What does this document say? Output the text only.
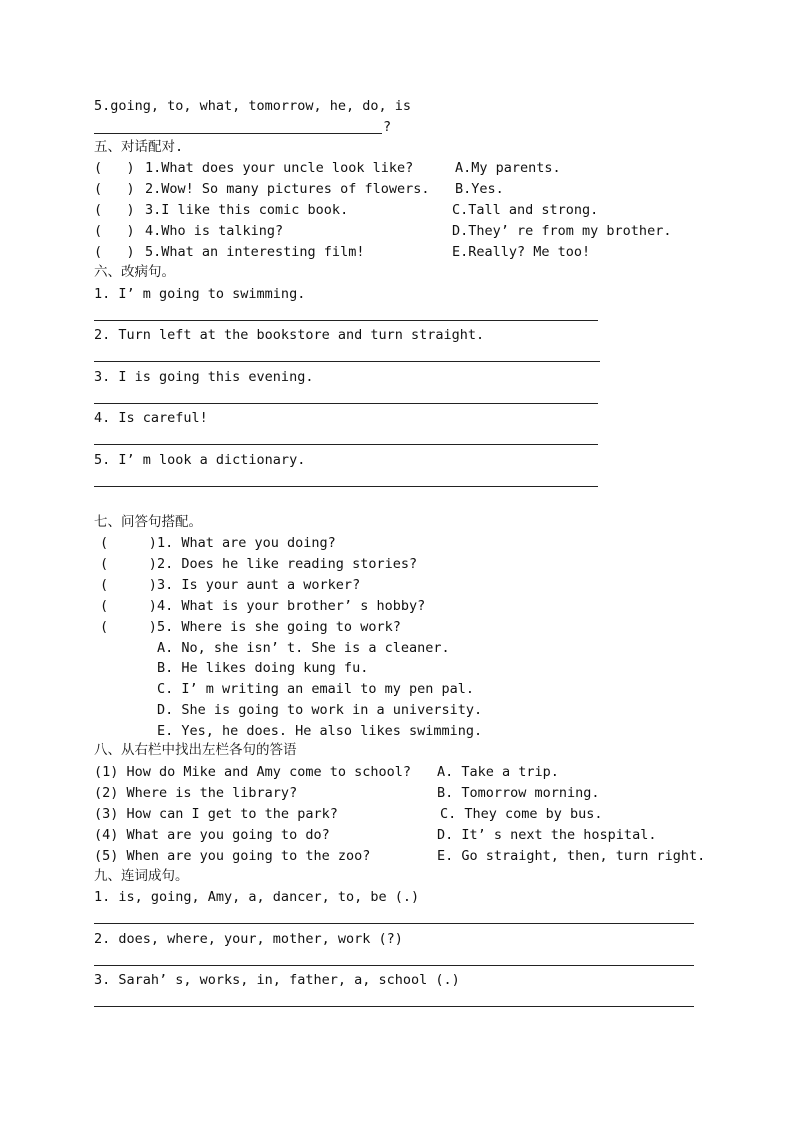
5.going, to, what, tomorrow, he, do, is
?
五、对话配对.
(   ) 1.What does your uncle look like?	A.My parents.
(   ) 2.Wow! So many pictures of flowers. B.Yes.
(   ) 3.I like this comic book.	C.Tall and strong.
(   ) 4.Who is talking?	D.They’ re from my brother.
(   ) 5.What an interesting film!	E.Really? Me too!
六、改病句。
1. I’ m going to swimming.
2. Turn left at the bookstore and turn straight.
3. I is going this evening.
4. Is careful!
5. I’ m look a dictionary.
七、问答句搭配。
(     ) 1. What are you doing?
(     ) 2. Does he like reading stories?
(     ) 3. Is your aunt a worker?
(     ) 4. What is your brother’ s hobby?
(     ) 5. Where is she going to work?
A. No, she isn’ t. She is a cleaner.
B. He likes doing kung fu.
C. I’ m writing an email to my pen pal.
D. She is going to work in a university.
E. Yes, he does. He also likes swimming.
八、从右栏中找出左栏各句的答语
(1) How do Mike and Amy come to school? A. Take a trip.
(2) Where is the library?	B. Tomorrow morning.
(3) How can I get to the park?	C. They come by bus.
(4) What are you going to do?	D. It’ s next the hospital.
(5) When are you going to the zoo?	E. Go straight, then, turn right.
九、连词成句。
1. is, going, Amy, a, dancer, to, be (.)
2. does, where, your, mother, work (?)
3. Sarah’ s, works, in, father, a, school (.)
